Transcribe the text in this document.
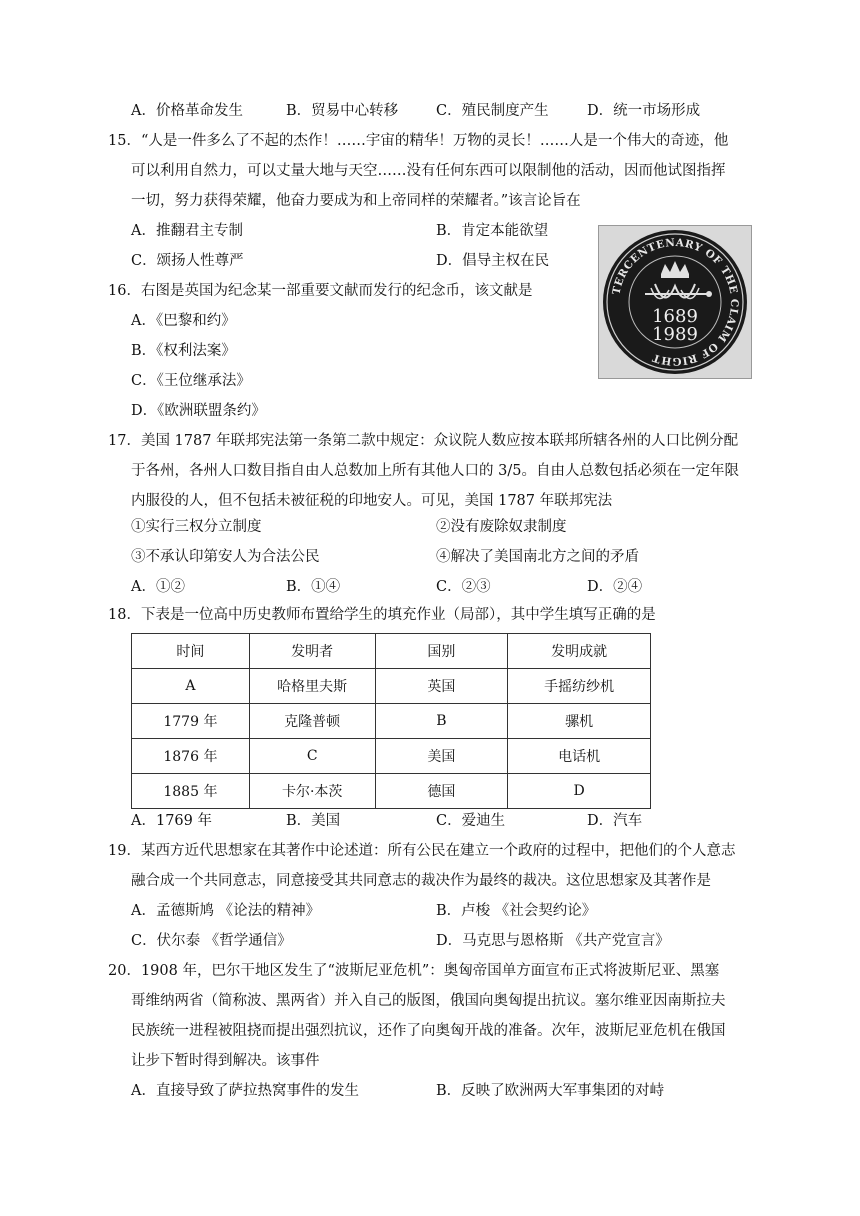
A．价格革命发生	B．贸易中心转移	C．殖民制度产生	D．统一市场形成
15．“人是一件多么了不起的杰作！……宇宙的精华！万物的灵长！……人是一个伟大的奇迹，他
可以利用自然力，可以丈量大地与天空……没有任何东西可以限制他的活动，因而他试图指挥
一切，努力获得荣耀，他奋力要成为和上帝同样的荣耀者。”该言论旨在
A．推翻君主专制	B．肯定本能欲望
C．颂扬人性尊严	D．倡导主权在民
TERCENTENARY OF THE CLAIM OF RIGHT
1689
1989
16．右图是英国为纪念某一部重要文献而发行的纪念币，该文献是
A．《巴黎和约》
B．《权利法案》
C．《王位继承法》
D．《欧洲联盟条约》
17．美国 1787 年联邦宪法第一条第二款中规定：众议院人数应按本联邦所辖各州的人口比例分配
于各州，各州人口数目指自由人总数加上所有其他人口的 3/5。自由人总数包括必须在一定年限
内服役的人，但不包括未被征税的印地安人。可见，美国 1787 年联邦宪法
①实行三权分立制度	②没有废除奴隶制度
③不承认印第安人为合法公民	④解决了美国南北方之间的矛盾
A．①②	B．①④	C．②③	D．②④
18．下表是一位高中历史教师布置给学生的填充作业（局部），其中学生填写正确的是
时间	发明者	国别	发明成就
A	哈格里夫斯	英国	手摇纺纱机
1779 年	克隆普顿	B	骡机
1876 年	C	美国	电话机
1885 年	卡尔·本茨	德国	D
A．1769 年	B．美国	C．爱迪生	D．汽车
19．某西方近代思想家在其著作中论述道：所有公民在建立一个政府的过程中，把他们的个人意志
融合成一个共同意志，同意接受其共同意志的裁决作为最终的裁决。这位思想家及其著作是
A．孟德斯鸠 《论法的精神》	B．卢梭 《社会契约论》
C．伏尔泰 《哲学通信》	D．马克思与恩格斯 《共产党宣言》
20．1908 年，巴尔干地区发生了“波斯尼亚危机”：奥匈帝国单方面宣布正式将波斯尼亚、黑塞
哥维纳两省（简称波、黑两省）并入自己的版图，俄国向奥匈提出抗议。塞尔维亚因南斯拉夫
民族统一进程被阻挠而提出强烈抗议，还作了向奥匈开战的准备。次年，波斯尼亚危机在俄国
让步下暂时得到解决。该事件
A．直接导致了萨拉热窝事件的发生	B．反映了欧洲两大军事集团的对峙
